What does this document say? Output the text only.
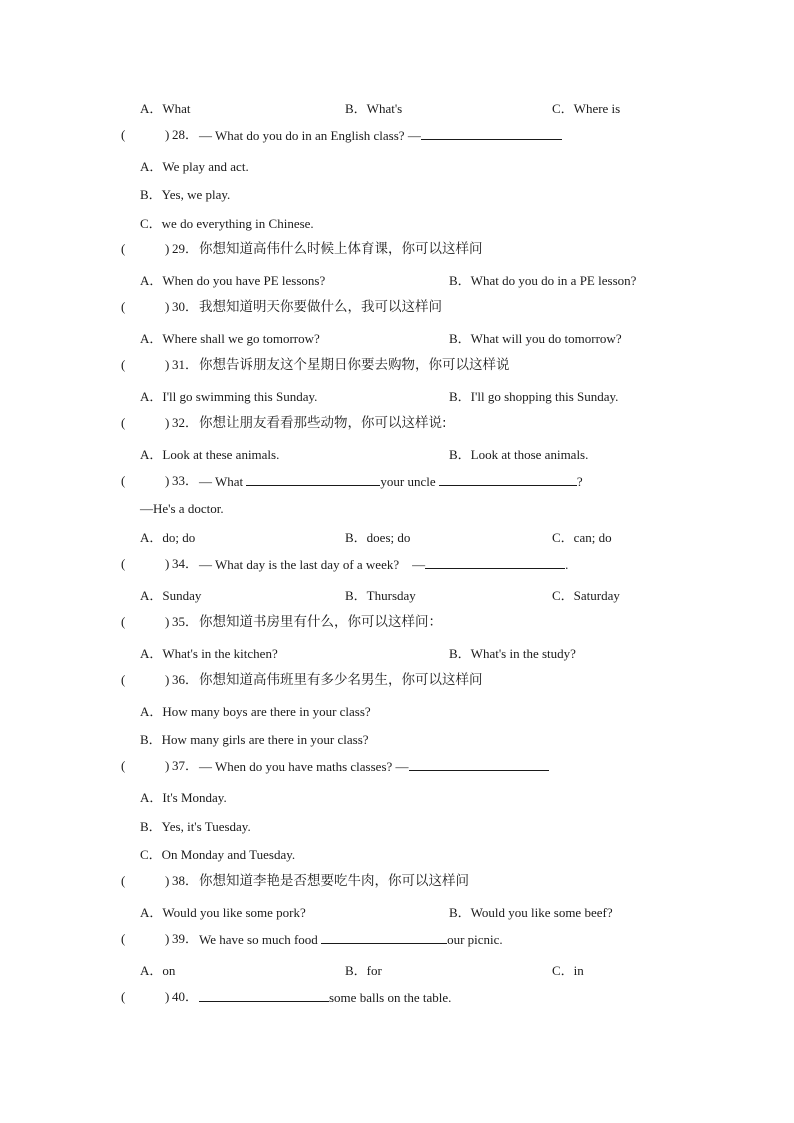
A．What	B．What's	C．Where is
(	) 28． — What do you do in an English class? —
A．We play and act.
B．Yes, we play.
C．we do everything in Chinese.
(	) 29． 你想知道高伟什么时候上体育课，你可以这样问
A．When do you have PE lessons?	B．What do you do in a PE lesson?
(	) 30． 我想知道明天你要做什么，我可以这样问
A．Where shall we go tomorrow?	B．What will you do tomorrow?
(	) 31． 你想告诉朋友这个星期日你要去购物，你可以这样说
A．I'll go swimming this Sunday.	B．I'll go shopping this Sunday.
(	) 32． 你想让朋友看看那些动物，你可以这样说:
A．Look at these animals.	B．Look at those animals.
(	) 33． — What	your uncle	?
—He's a doctor.
A．do; do	B．does; do	C．can; do
(	) 34． — What day is the last day of a week?    —	.
A．Sunday	B．Thursday	C．Saturday
(	) 35． 你想知道书房里有什么，你可以这样问：
A．What's in the kitchen?	B．What's in the study?
(	) 36． 你想知道高伟班里有多少名男生，你可以这样问
A．How many boys are there in your class?
B．How many girls are there in your class?
(	) 37． — When do you have maths classes? —
A．It's Monday.
B．Yes, it's Tuesday.
C．On Monday and Tuesday.
(	) 38． 你想知道李艳是否想要吃牛肉，你可以这样问
A．Would you like some pork?	B．Would you like some beef?
(	) 39． We have so much food	our picnic.
A．on	B．for	C．in
(	) 40．	some balls on the table.
